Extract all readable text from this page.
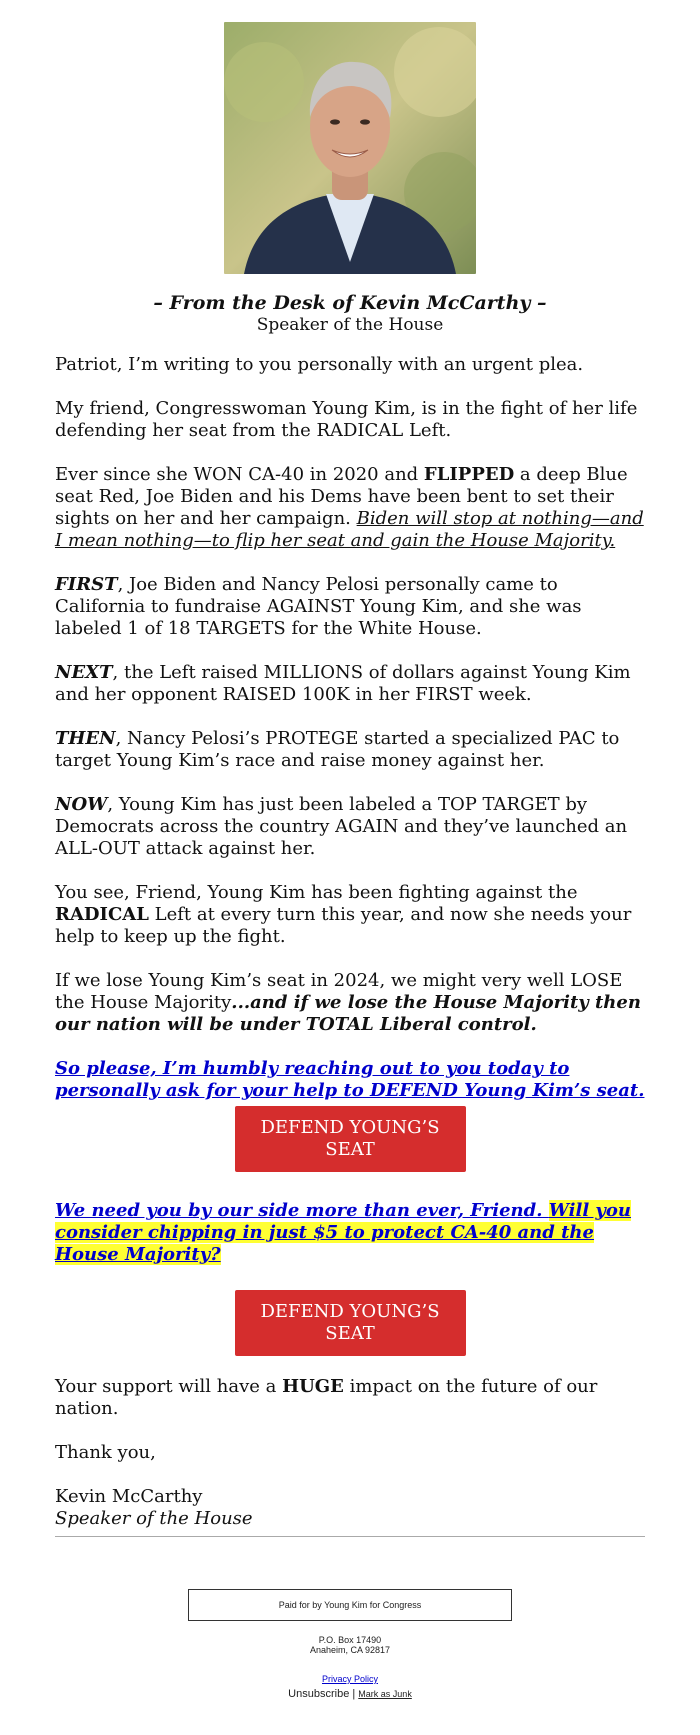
– From the Desk of Kevin McCarthy –
Speaker of the House

Patriot, I’m writing to you personally with an urgent plea.

My friend, Congresswoman Young Kim, is in the fight of her life defending her seat from the RADICAL Left.

Ever since she WON CA-40 in 2020 and FLIPPED a deep Blue seat Red, Joe Biden and his Dems have been bent to set their sights on her and her campaign. Biden will stop at nothing—and I mean nothing—to flip her seat and gain the House Majority.

FIRST, Joe Biden and Nancy Pelosi personally came to California to fundraise AGAINST Young Kim, and she was labeled 1 of 18 TARGETS for the White House.

NEXT, the Left raised MILLIONS of dollars against Young Kim and her opponent RAISED 100K in her FIRST week.

THEN, Nancy Pelosi’s PROTEGE started a specialized PAC to target Young Kim’s race and raise money against her.

NOW, Young Kim has just been labeled a TOP TARGET by Democrats across the country AGAIN and they’ve launched an ALL-OUT attack against her.

You see, Friend, Young Kim has been fighting against the RADICAL Left at every turn this year, and now she needs your help to keep up the fight.

If we lose Young Kim’s seat in 2024, we might very well LOSE the House Majority...and if we lose the House Majority then our nation will be under TOTAL Liberal control.

So please, I’m humbly reaching out to you today to personally ask for your help to DEFEND Young Kim’s seat.

DEFEND YOUNG’S SEAT

We need you by our side more than ever, Friend. Will you consider chipping in just $5 to protect CA-40 and the House Majority?

DEFEND YOUNG’S SEAT

Your support will have a HUGE impact on the future of our nation.

Thank you,

Kevin McCarthy

Speaker of the House

Paid for by Young Kim for Congress
P.O. Box 17490
Anaheim, CA 92817
Privacy Policy
Unsubscribe | Mark as Junk
